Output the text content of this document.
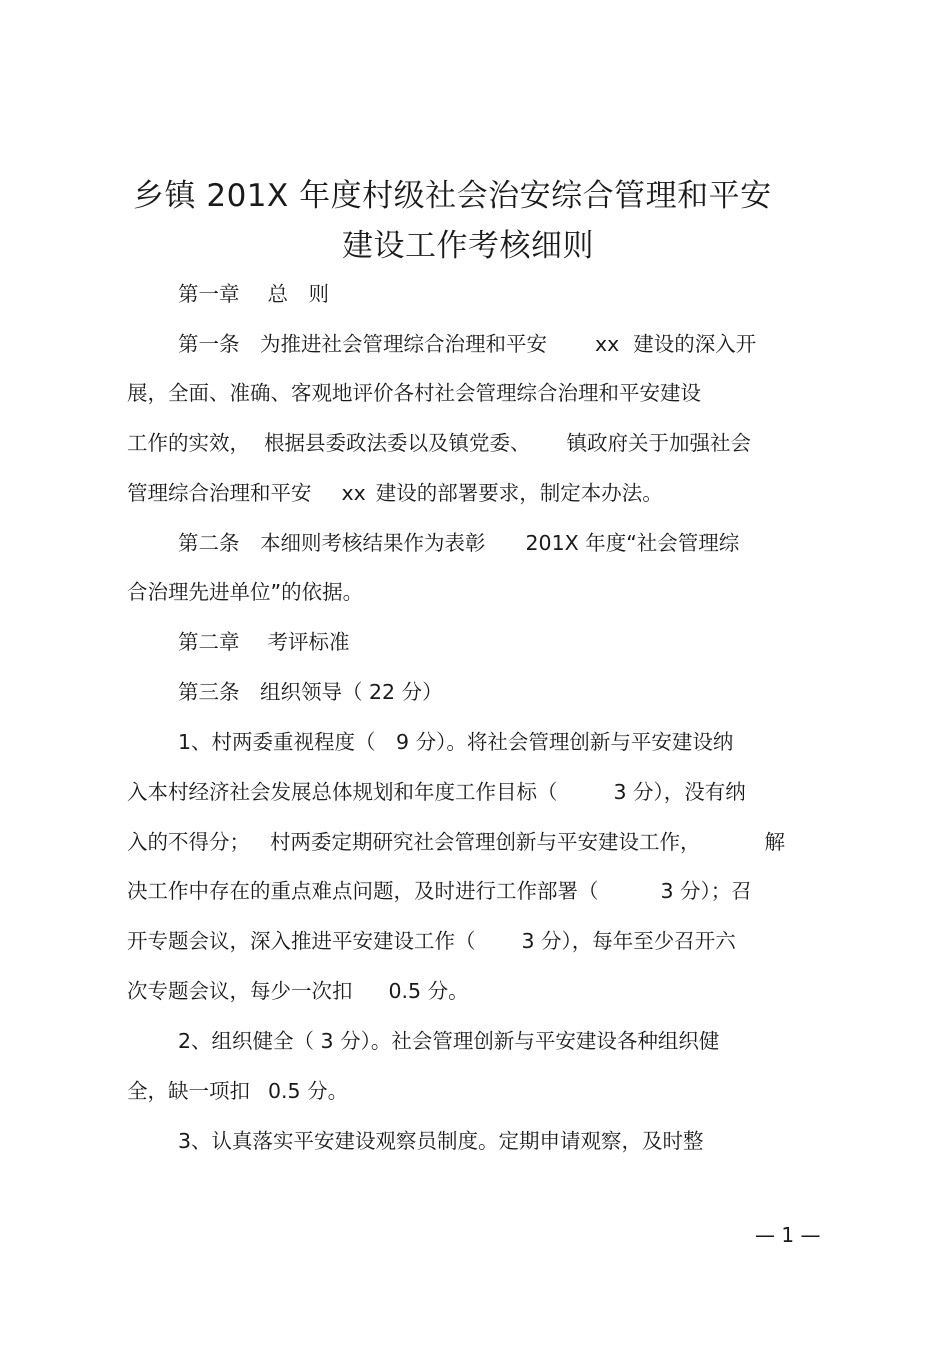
乡镇 201X 年度村级社会治安综合管理和平安
建设工作考核细则
第一章 总　则
第一条　为推进社会管理综合治理和平安 xx 建设的深入开
展，全面、准确、客观地评价各村社会管理综合治理和平安建设
工作的实效， 根据县委政法委以及镇党委、 镇政府关于加强社会
管理综合治理和平安 xx 建设的部署要求，制定本办法。
第二条　本细则考核结果作为表彰 201X 年度“社会管理综
合治理先进单位”的依据。
第二章 考评标准
第三条　组织领导（ 22 分）
1、村两委重视程度（　9 分）。将社会管理创新与平安建设纳
入本村经济社会发展总体规划和年度工作目标（	3 分），没有纳
入的不得分； 村两委定期研究社会管理创新与平安建设工作，	解
决工作中存在的重点难点问题，及时进行工作部署（	3 分）；召
开专题会议，深入推进平安建设工作（ 3 分），每年至少召开六
次专题会议，每少一次扣 0.5 分。
2、组织健全（ 3 分）。社会管理创新与平安建设各种组织健
全，缺一项扣 0.5 分。
3、认真落实平安建设观察员制度。定期申请观察，及时整
— 1 —
